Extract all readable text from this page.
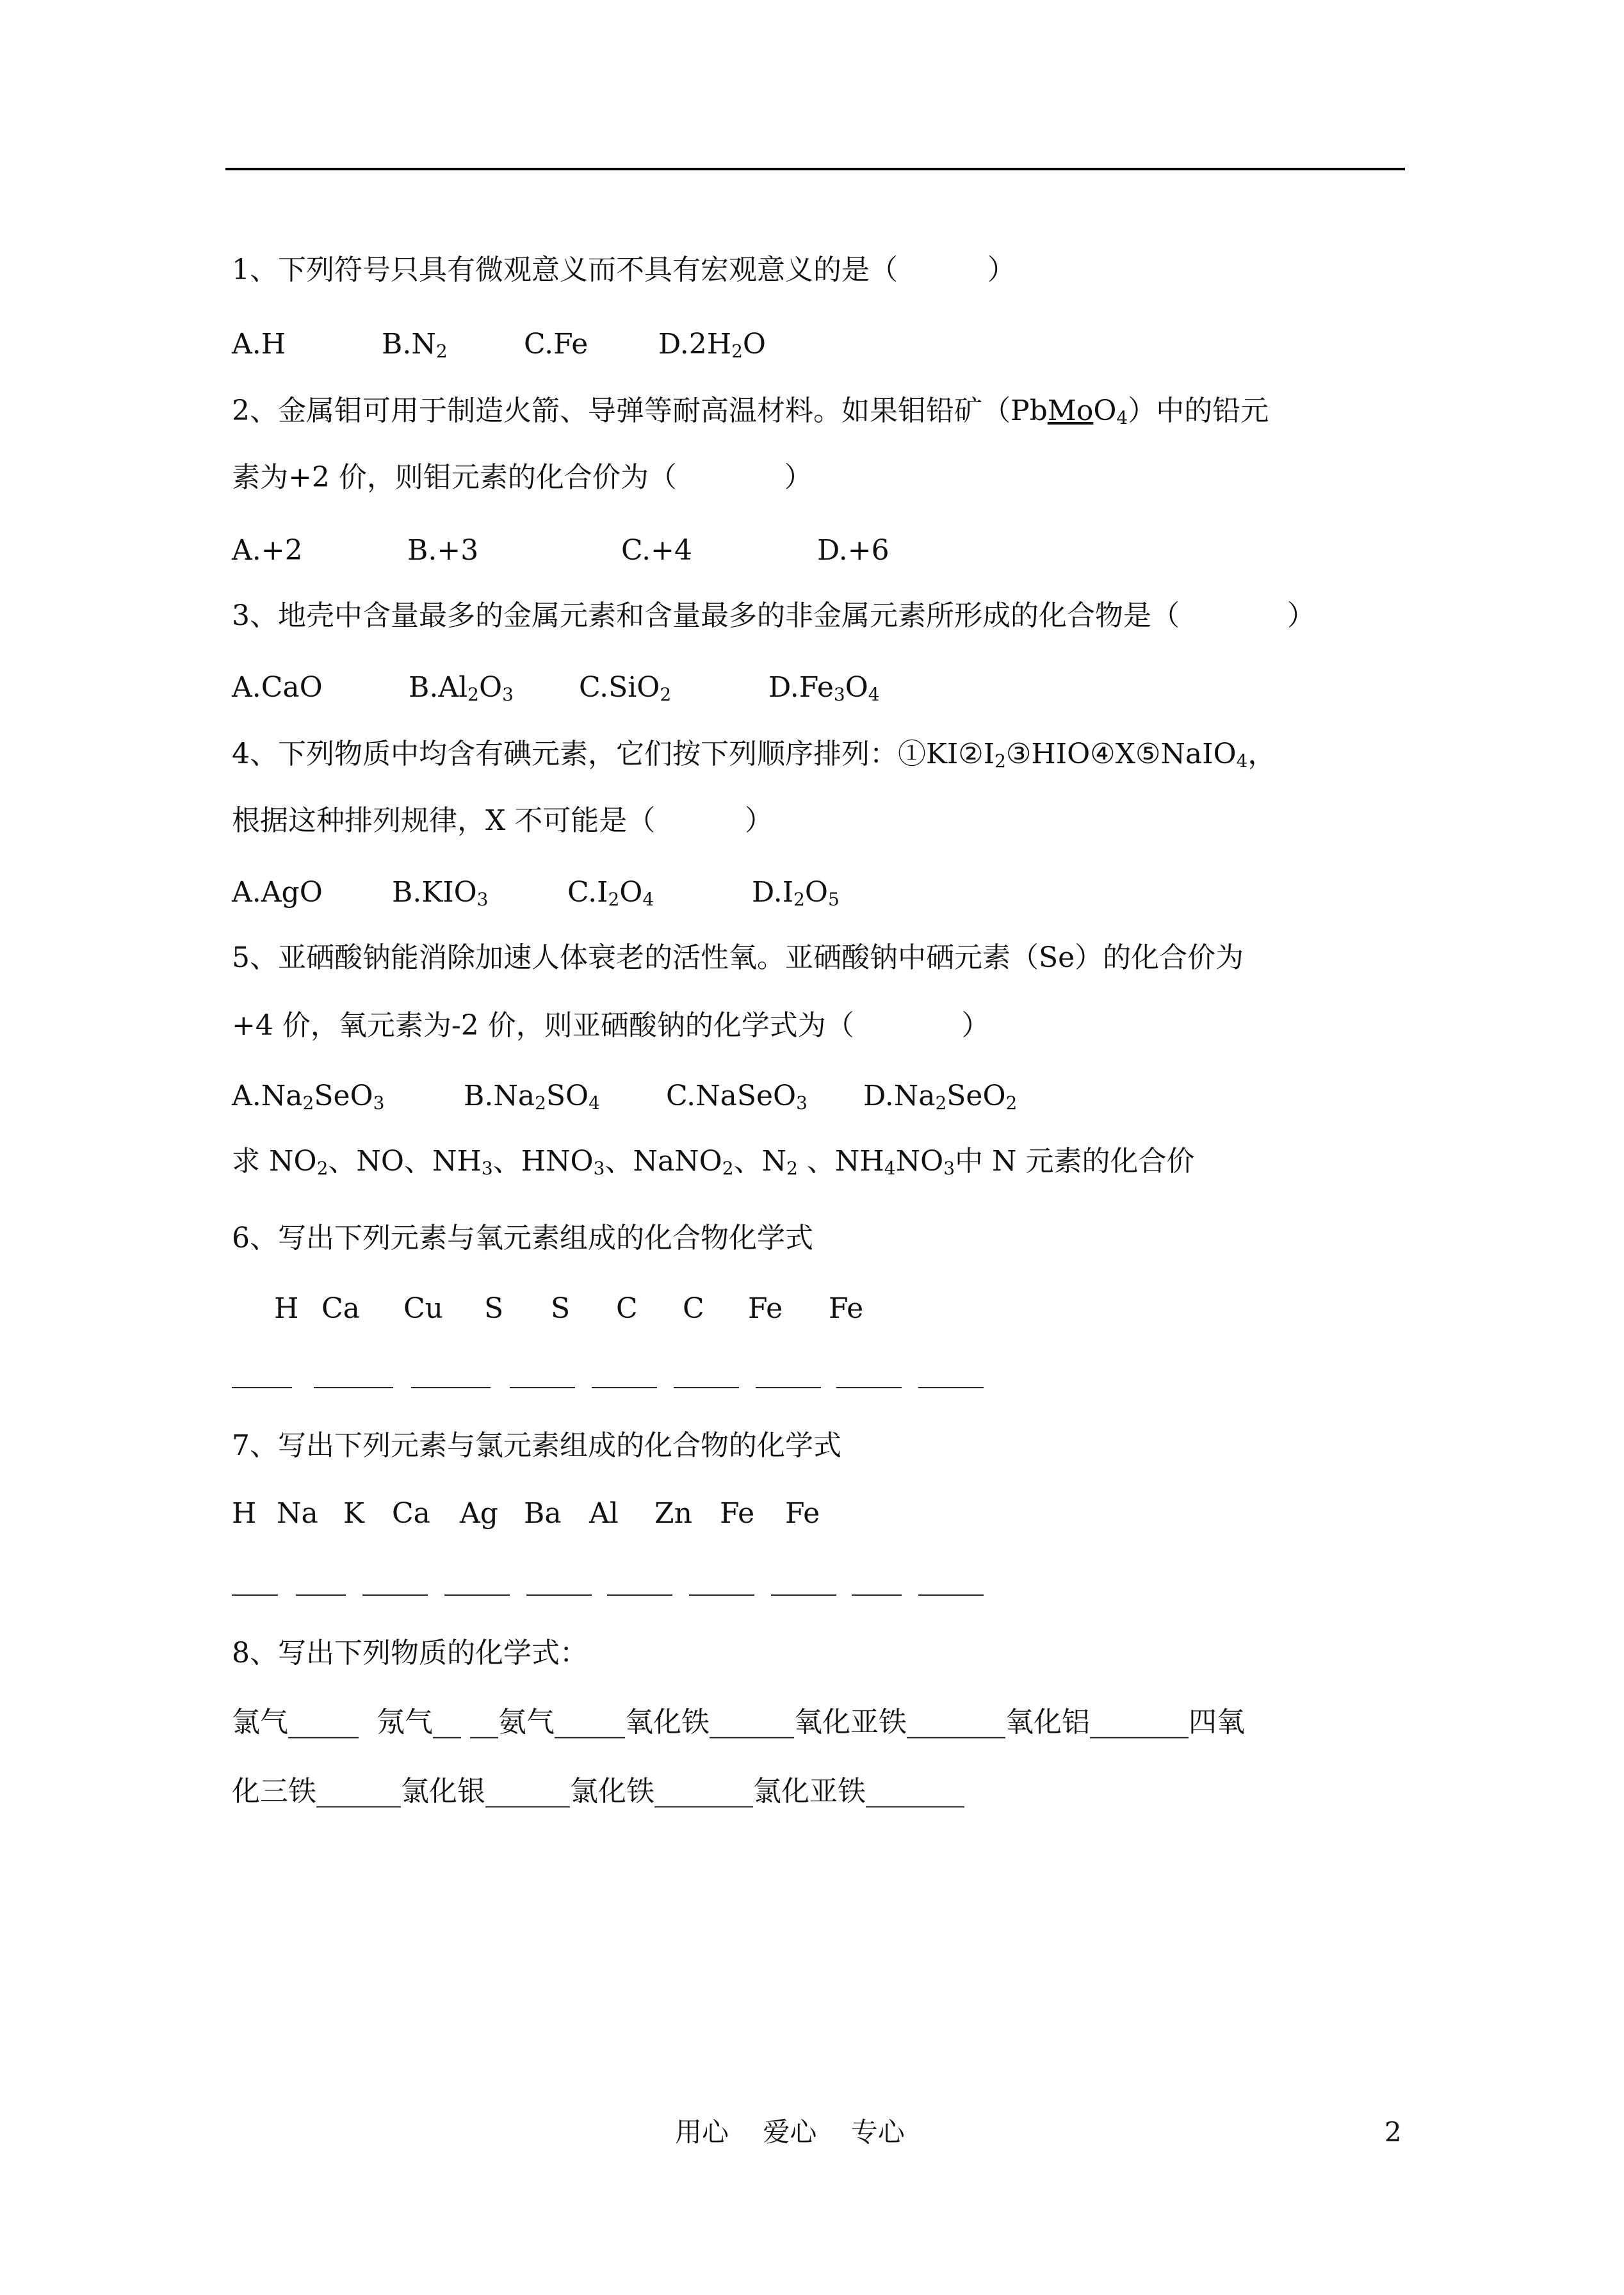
1、下列符号只具有微观意义而不具有宏观意义的是（          ）
A.H	$B.N_2$	C.Fe $D.2H_2O$
2、金属钼可用于制造火箭、导弹等耐高温材料。如果钼铅矿（PbMoO$_4$）中的铅元
素为+2 价，则钼元素的化合价为（            ）
A.+2	B.+3	C.+4	D.+6
3、地壳中含量最多的金属元素和含量最多的非金属元素所形成的化合物是（            ）
A.CaO	$B.Al_2O_3$ C.SiO$_2$	$D.Fe_3O_4$
4、下列物质中均含有碘元素，它们按下列顺序排列：$①KI②I_2③HIO④X⑤NaIO_4$，
根据这种排列规律，X 不可能是（          ）
A.AgO $B.KIO_3$	$C.I_2O_4$	$D.I_2O_5$
5、亚硒酸钠能消除加速人体衰老的活性氧。亚硒酸钠中硒元素（Se）的化合价为
+4 价，氧元素为-2 价，则亚硒酸钠的化学式为（            ）
$A.Na_2SeO_3$	$B.Na_2SO_4$ C.NaSeO$_3$ $D.Na_2SeO_2$
求 $NO_2$、NO、$NH_3$、$HNO_3$、NaNO$_2$、$N_2$ 、$NH_4NO_3$中 N 元素的化合价
6、写出下列元素与氧元素组成的化合物化学式
H Ca Cu S S C C Fe Fe
7、写出下列元素与氯元素组成的化合物的化学式
H Na K Ca Ag Ba Al Zn Fe Fe
8、写出下列物质的化学式：
氯气_____  氖气__ __氨气_____氧化铁______氧化亚铁_______氧化铝_______四氧
化三铁______氯化银______氯化铁_______氯化亚铁_______
用心    爱心    专心	2
